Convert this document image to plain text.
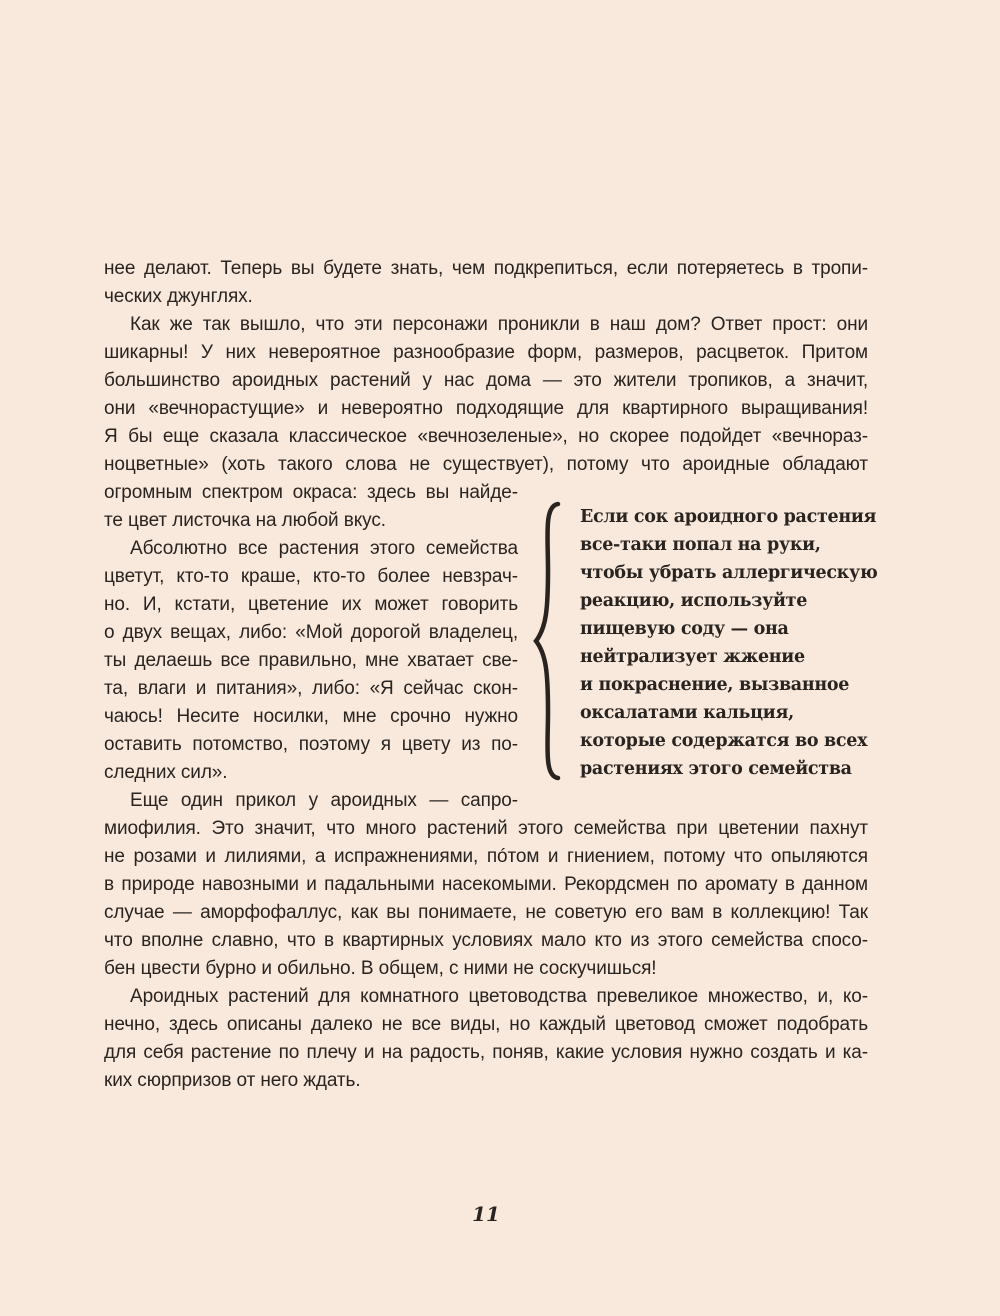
нее делают. Теперь вы будете знать, чем подкрепиться, если потеряетесь в тропи-
ческих джунглях.
Как же так вышло, что эти персонажи проникли в наш дом? Ответ прост: они
шикарны! У них невероятное разнообразие форм, размеров, расцветок. Притом
большинство ароидных растений у нас дома — это жители тропиков, а значит,
они «вечнорастущие» и невероятно подходящие для квартирного выращивания!
Я бы еще сказала классическое «вечнозеленые», но скорее подойдет «вечнораз-
ноцветные» (хоть такого слова не существует), потому что ароидные обладают
огромным спектром окраса: здесь вы найде-
те цвет листочка на любой вкус.
Абсолютно все растения этого семейства
цветут, кто-то краше, кто-то более невзрач-
но. И, кстати, цветение их может говорить
о двух вещах, либо: «Мой дорогой владелец,
ты делаешь все правильно, мне хватает све-
та, влаги и питания», либо: «Я сейчас скон-
чаюсь! Несите носилки, мне срочно нужно
оставить потомство, поэтому я цвету из по-
следних сил».
Еще один прикол у ароидных — сапро-
миофилия. Это значит, что много растений этого семейства при цветении пахнут
не розами и лилиями, а испражнениями, пóтом и гниением, потому что опыляются
в природе навозными и падальными насекомыми. Рекордсмен по аромату в данном
случае — аморфофаллус, как вы понимаете, не советую его вам в коллекцию! Так
что вполне славно, что в квартирных условиях мало кто из этого семейства спосо-
бен цвести бурно и обильно. В общем, с ними не соскучишься!
Ароидных растений для комнатного цветоводства превеликое множество, и, ко-
нечно, здесь описаны далеко не все виды, но каждый цветовод сможет подобрать
для себя растение по плечу и на радость, поняв, какие условия нужно создать и ка-
ких сюрпризов от него ждать.
Если сок ароидного растения
все-таки попал на руки,
чтобы убрать аллергическую
реакцию, используйте
пищевую соду — она
нейтрализует жжение
и покраснение, вызванное
оксалатами кальция,
которые содержатся во всех
растениях этого семейства
11
